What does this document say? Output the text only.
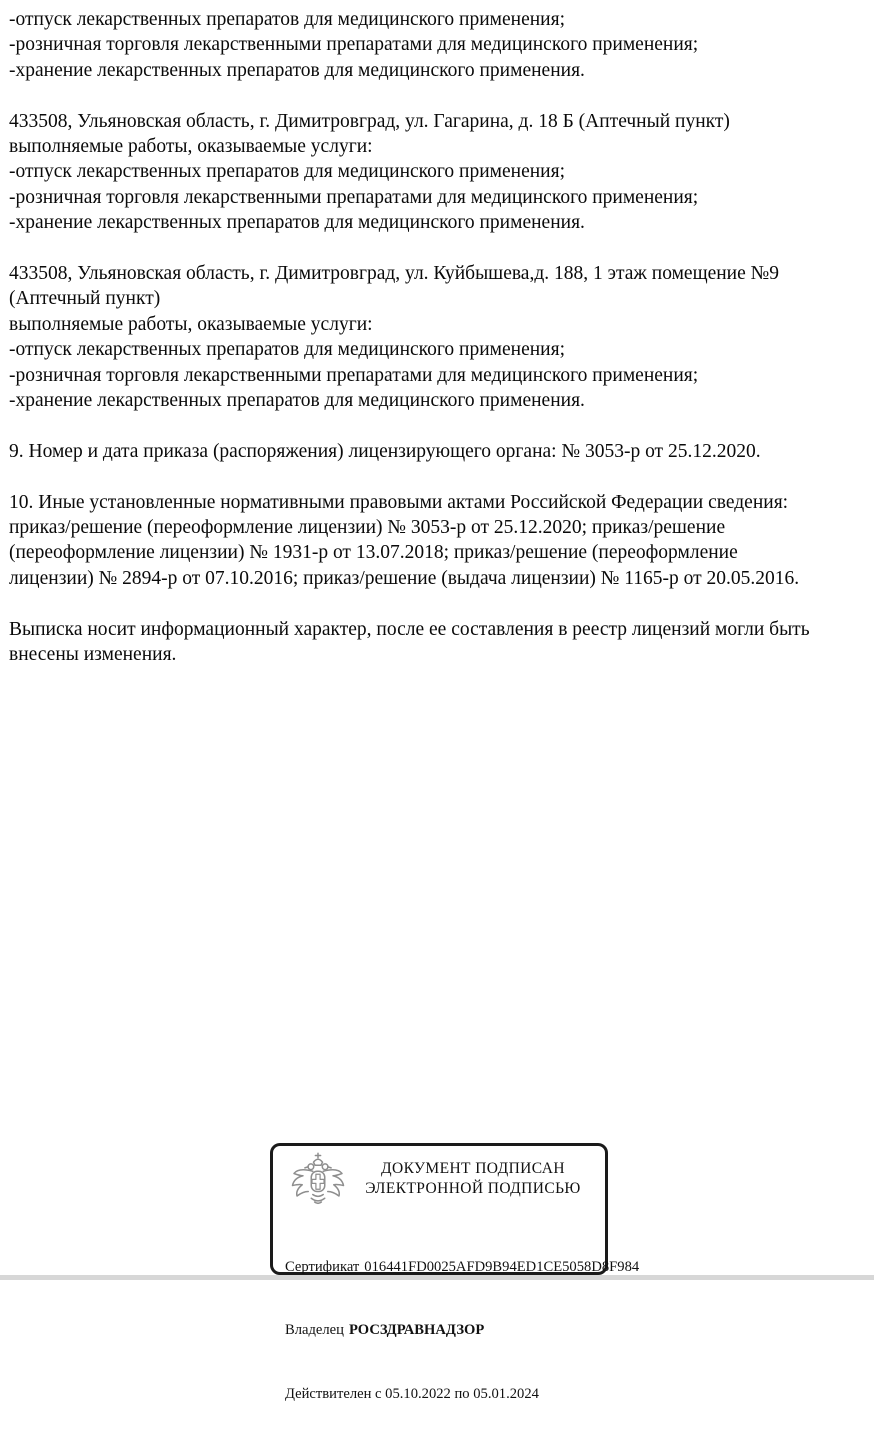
-отпуск лекарственных препаратов для медицинского применения;
-розничная торговля лекарственными препаратами для медицинского применения;
-хранение лекарственных препаратов для медицинского применения.
433508, Ульяновская область, г. Димитровград, ул. Гагарина, д. 18 Б (Аптечный пункт)
выполняемые работы, оказываемые услуги:
-отпуск лекарственных препаратов для медицинского применения;
-розничная торговля лекарственными препаратами для медицинского применения;
-хранение лекарственных препаратов для медицинского применения.
433508, Ульяновская область, г. Димитровград, ул. Куйбышева,д. 188, 1 этаж помещение №9
(Аптечный пункт)
выполняемые работы, оказываемые услуги:
-отпуск лекарственных препаратов для медицинского применения;
-розничная торговля лекарственными препаратами для медицинского применения;
-хранение лекарственных препаратов для медицинского применения.
9. Номер и дата приказа (распоряжения) лицензирующего органа: № 3053-р от 25.12.2020.
10. Иные установленные нормативными правовыми актами Российской Федерации сведения:
приказ/решение (переоформление лицензии) № 3053-р от 25.12.2020; приказ/решение
(переоформление лицензии) № 1931-р от 13.07.2018; приказ/решение (переоформление
лицензии) № 2894-р от 07.10.2016; приказ/решение (выдача лицензии) № 1165-р от 20.05.2016.
Выписка носит информационный характер, после ее составления в реестр лицензий могли быть
внесены изменения.
ДОКУМЕНТ ПОДПИСАН
ЭЛЕКТРОННОЙ ПОДПИСЬЮ

Сертификат 016441FD0025AFD9B94ED1CE5058D8F984

Владелец РОСЗДРАВНАДЗОР

Действителен с 05.10.2022 по 05.01.2024
